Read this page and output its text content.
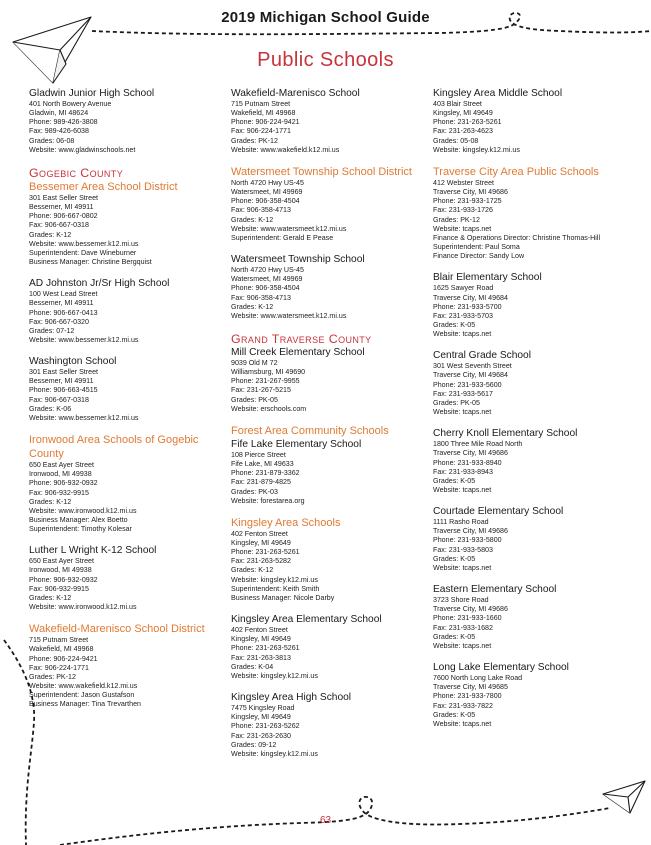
2019 Michigan School Guide
Public Schools
Gladwin Junior High School
401 North Bowery Avenue
Gladwin, MI 48624
Phone: 989-426-3808
Fax: 989-426-6038
Grades: 06-08
Website: www.gladwinschools.net
Gogebic County
Bessemer Area School District
301 East Seller Street
Bessemer, MI 49911
Phone: 906-667-0802
Fax: 906-667-0318
Grades: K-12
Website: www.bessemer.k12.mi.us
Superintendent: Dave Wineburner
Business Manager: Christine Bergquist
AD Johnston Jr/Sr High School
100 West Lead Street
Bessemer, MI 49911
Phone: 906-667-0413
Fax: 906-667-0320
Grades: 07-12
Website: www.bessemer.k12.mi.us
Washington School
301 East Seller Street
Bessemer, MI 49911
Phone: 906-663-4515
Fax: 906-667-0318
Grades: K-06
Website: www.bessemer.k12.mi.us
Ironwood Area Schools of Gogebic County
650 East Ayer Street
Ironwood, MI 49938
Phone: 906-932-0932
Fax: 906-932-9915
Grades: K-12
Website: www.ironwood.k12.mi.us
Business Manager: Alex Boetto
Superintendent: Timothy Kolesar
Luther L Wright K-12 School
650 East Ayer Street
Ironwood, MI 49938
Phone: 906-932-0932
Fax: 906-932-9915
Grades: K-12
Website: www.ironwood.k12.mi.us
Wakefield-Marenisco School District
715 Putnam Street
Wakefield, MI 49968
Phone: 906-224-9421
Fax: 906-224-1771
Grades: PK-12
Website: www.wakefield.k12.mi.us
Superintendent: Jason Gustafson
Business Manager: Tina Trevarthen
Wakefield-Marenisco School
715 Putnam Street
Wakefield, MI 49968
Phone: 906-224-9421
Fax: 906-224-1771
Grades: PK-12
Website: www.wakefield.k12.mi.us
Watersmeet Township School District
North 4720 Hwy US-45
Watersmeet, MI 49969
Phone: 906-358-4504
Fax: 906-358-4713
Grades: K-12
Website: www.watersmeet.k12.mi.us
Superintendent: Gerald E Pease
Watersmeet Township School
North 4720 Hwy US-45
Watersmeet, MI 49969
Phone: 906-358-4504
Fax: 906-358-4713
Grades: K-12
Website: www.watersmeet.k12.mi.us
Grand Traverse County
Mill Creek Elementary School
9039 Old M 72
Williamsburg, MI 49690
Phone: 231-267-9955
Fax: 231-267-5215
Grades: PK-05
Website: erschools.com
Forest Area Community Schools
Fife Lake Elementary School
108 Pierce Street
Fife Lake, MI 49633
Phone: 231-879-3362
Fax: 231-879-4825
Grades: PK-03
Website: forestarea.org
Kingsley Area Schools
402 Fenton Street
Kingsley, MI 49649
Phone: 231-263-5261
Fax: 231-263-5282
Grades: K-12
Website: kingsley.k12.mi.us
Superintendent: Keith Smith
Business Manager: Nicole Darby
Kingsley Area Elementary School
402 Fenton Street
Kingsley, MI 49649
Phone: 231-263-5261
Fax: 231-263-3813
Grades: K-04
Website: kingsley.k12.mi.us
Kingsley Area High School
7475 Kingsley Road
Kingsley, MI 49649
Phone: 231-263-5262
Fax: 231-263-2630
Grades: 09-12
Website: kingsley.k12.mi.us
Kingsley Area Middle School
403 Blair Street
Kingsley, MI 49649
Phone: 231-263-5261
Fax: 231-263-4623
Grades: 05-08
Website: kingsley.k12.mi.us
Traverse City Area Public Schools
412 Webster Street
Traverse City, MI 49686
Phone: 231-933-1725
Fax: 231-933-1726
Grades: PK-12
Website: tcaps.net
Finance & Operations Director: Christine Thomas-Hill
Superintendent: Paul Soma
Finance Director: Sandy Low
Blair Elementary School
1625 Sawyer Road
Traverse City, MI 49684
Phone: 231-933-5700
Fax: 231-933-5703
Grades: K-05
Website: tcaps.net
Central Grade School
301 West Seventh Street
Traverse City, MI 49684
Phone: 231-933-5600
Fax: 231-933-5617
Grades: PK-05
Website: tcaps.net
Cherry Knoll Elementary School
1800 Three Mile Road North
Traverse City, MI 49686
Phone: 231-933-8940
Fax: 231-933-8943
Grades: K-05
Website: tcaps.net
Courtade Elementary School
1111 Rasho Road
Traverse City, MI 49686
Phone: 231-933-5800
Fax: 231-933-5803
Grades: K-05
Website: tcaps.net
Eastern Elementary School
3723 Shore Road
Traverse City, MI 49686
Phone: 231-933-1660
Fax: 231-933-1682
Grades: K-05
Website: tcaps.net
Long Lake Elementary School
7600 North Long Lake Road
Traverse City, MI 49685
Phone: 231-933-7800
Fax: 231-933-7822
Grades: K-05
Website: tcaps.net
63
